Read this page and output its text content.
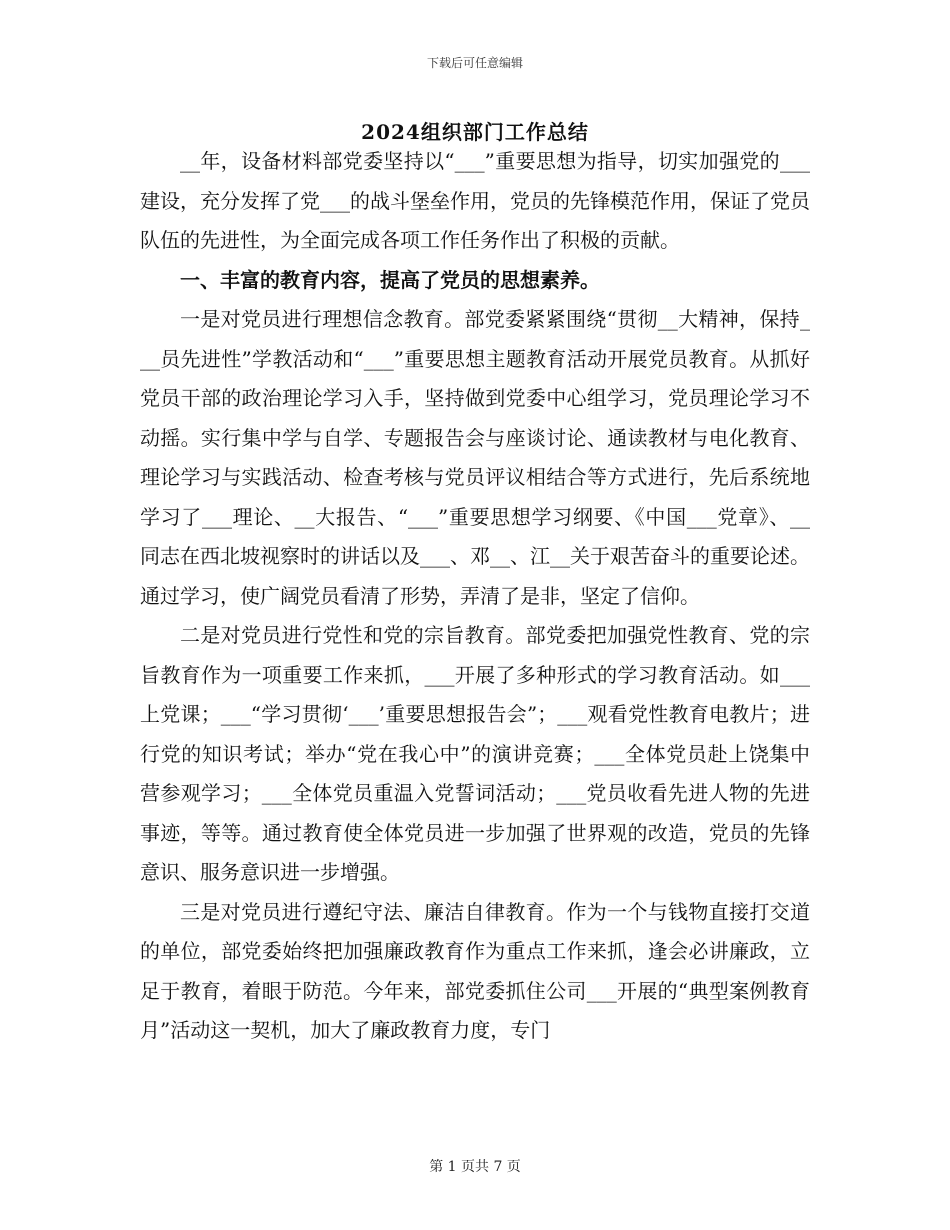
下载后可任意编辑
2024组织部门工作总结

__年，设备材料部党委坚持以“___”重要思想为指导，切实加强党的___建设，充分发挥了党___的战斗堡垒作用，党员的先锋模范作用，保证了党员队伍的先进性，为全面完成各项工作任务作出了积极的贡献。

一、丰富的教育内容，提高了党员的思想素养。

一是对党员进行理想信念教育。部党委紧紧围绕“贯彻__大精神，保持___员先进性”学教活动和“___”重要思想主题教育活动开展党员教育。从抓好党员干部的政治理论学习入手，坚持做到党委中心组学习，党员理论学习不动摇。实行集中学与自学、专题报告会与座谈讨论、通读教材与电化教育、理论学习与实践活动、检查考核与党员评议相结合等方式进行，先后系统地学习了___理论、__大报告、“___”重要思想学习纲要、《中国___党章》、__同志在西北坡视察时的讲话以及___、邓__、江__关于艰苦奋斗的重要论述。通过学习，使广阔党员看清了形势，弄清了是非，坚定了信仰。

二是对党员进行党性和党的宗旨教育。部党委把加强党性教育、党的宗旨教育作为一项重要工作来抓，___开展了多种形式的学习教育活动。如___上党课；___“学习贯彻‘___’重要思想报告会”；___观看党性教育电教片；进行党的知识考试；举办“党在我心中”的演讲竞赛；___全体党员赴上饶集中营参观学习；___全体党员重温入党誓词活动；___党员收看先进人物的先进事迹，等等。通过教育使全体党员进一步加强了世界观的改造，党员的先锋意识、服务意识进一步增强。

三是对党员进行遵纪守法、廉洁自律教育。作为一个与钱物直接打交道的单位，部党委始终把加强廉政教育作为重点工作来抓，逢会必讲廉政，立足于教育，着眼于防范。今年来，部党委抓住公司___开展的“典型案例教育月”活动这一契机，加大了廉政教育力度，专门

第 1 页共 7 页
